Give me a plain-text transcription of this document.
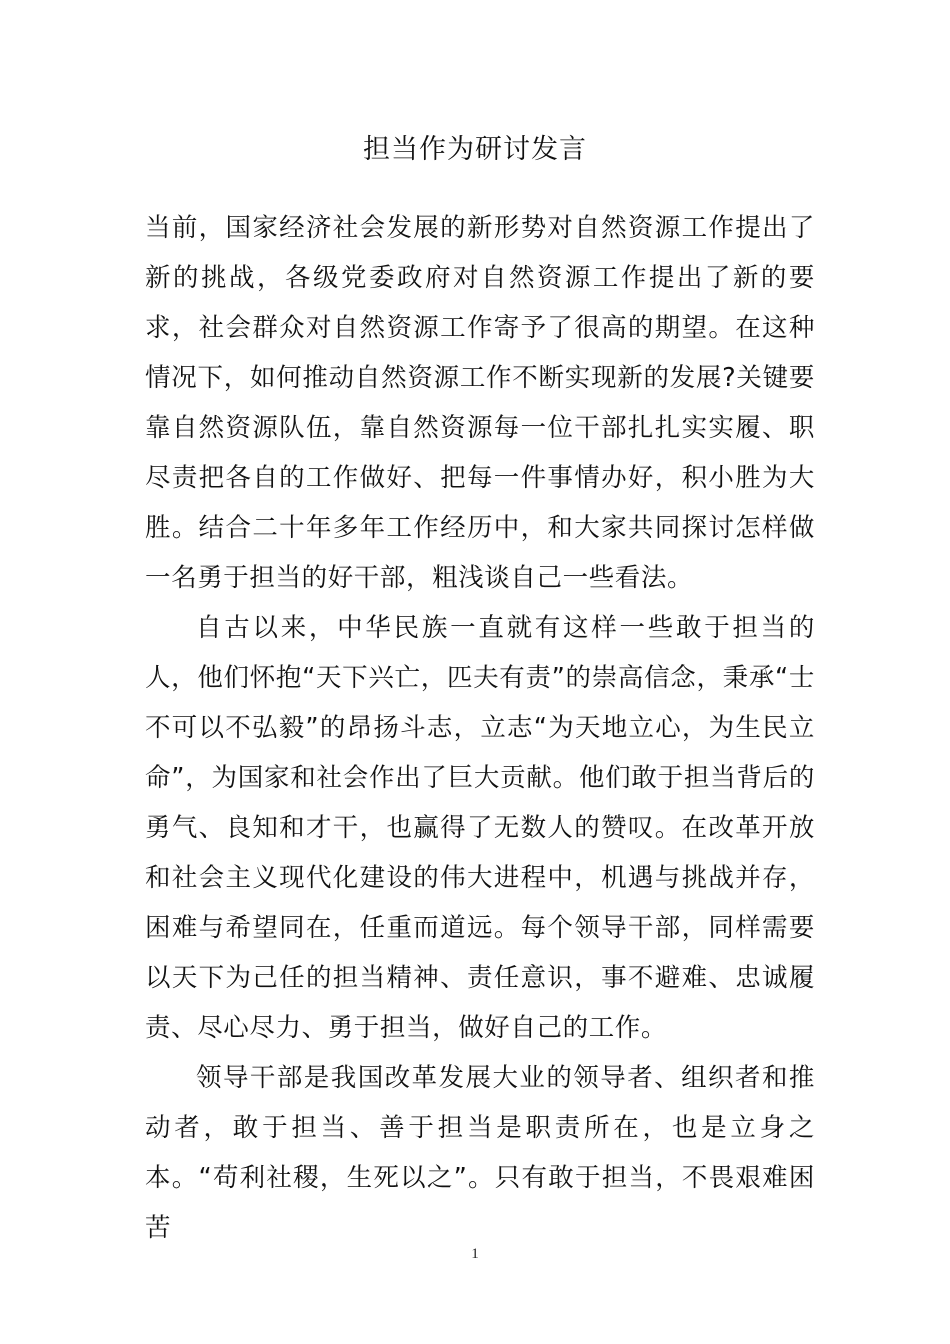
担当作为研讨发言

当前，国家经济社会发展的新形势对自然资源工作提出了新的挑战，各级党委政府对自然资源工作提出了新的要求，社会群众对自然资源工作寄予了很高的期望。在这种情况下，如何推动自然资源工作不断实现新的发展?关键要靠自然资源队伍，靠自然资源每一位干部扎扎实实履、职尽责把各自的工作做好、把每一件事情办好，积小胜为大胜。结合二十年多年工作经历中，和大家共同探讨怎样做一名勇于担当的好干部，粗浅谈自己一些看法。

自古以来，中华民族一直就有这样一些敢于担当的人，他们怀抱“天下兴亡，匹夫有责”的崇高信念，秉承“士不可以不弘毅”的昂扬斗志，立志“为天地立心，为生民立命”，为国家和社会作出了巨大贡献。他们敢于担当背后的勇气、良知和才干，也赢得了无数人的赞叹。在改革开放和社会主义现代化建设的伟大进程中，机遇与挑战并存，困难与希望同在，任重而道远。每个领导干部，同样需要以天下为己任的担当精神、责任意识，事不避难、忠诚履责、尽心尽力、勇于担当，做好自己的工作。

领导干部是我国改革发展大业的领导者、组织者和推动者，敢于担当、善于担当是职责所在，也是立身之本。“苟利社稷，生死以之”。只有敢于担当，不畏艰难困苦

1
